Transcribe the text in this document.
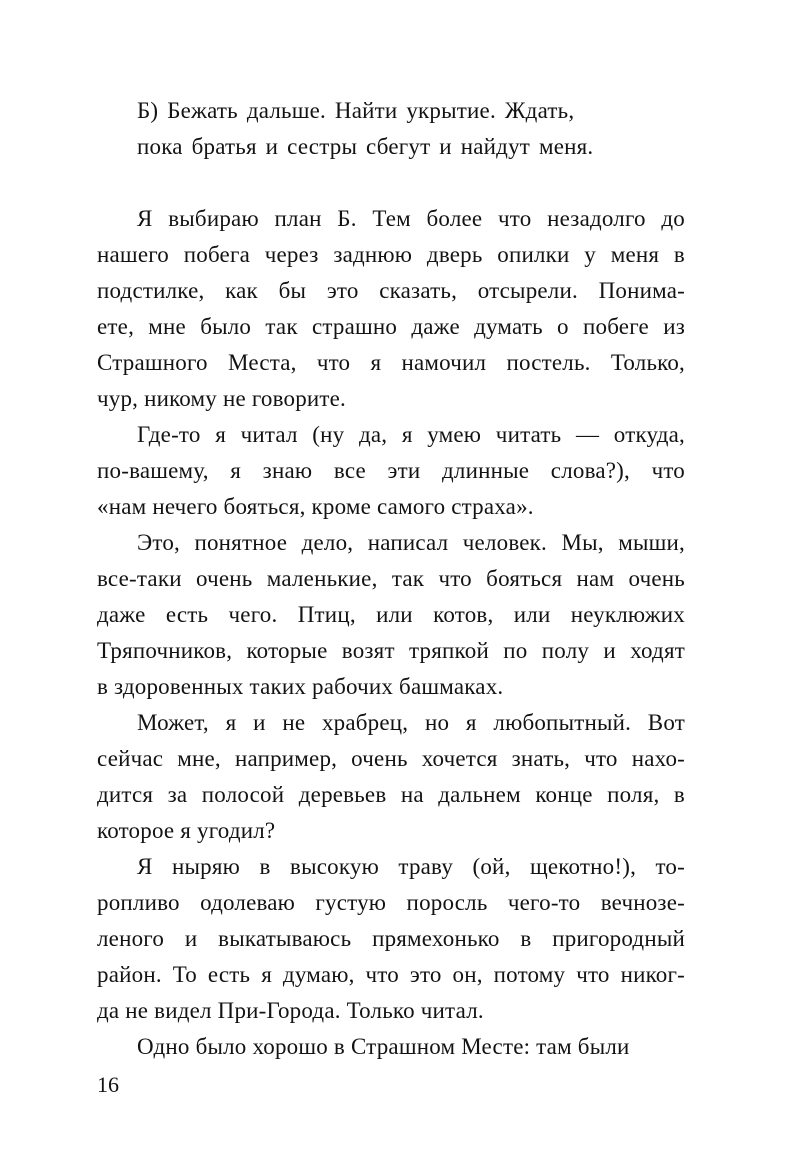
Б) Бежать дальше. Найти укрытие. Ждать,
пока братья и сестры сбегут и найдут меня.
Я выбираю план Б. Тем более что незадолго до
нашего побега через заднюю дверь опилки у меня в
подстилке, как бы это сказать, отсырели. Понима-
ете, мне было так страшно даже думать о побеге из
Страшного Места, что я намочил постель. Только,
чур, никому не говорите.
Где-то я читал (ну да, я умею читать — откуда,
по-вашему, я знаю все эти длинные слова?), что
«нам нечего бояться, кроме самого страха».
Это, понятное дело, написал человек. Мы, мыши,
все-таки очень маленькие, так что бояться нам очень
даже есть чего. Птиц, или котов, или неуклюжих
Тряпочников, которые возят тряпкой по полу и ходят
в здоровенных таких рабочих башмаках.
Может, я и не храбрец, но я любопытный. Вот
сейчас мне, например, очень хочется знать, что нахо-
дится за полосой деревьев на дальнем конце поля, в
которое я угодил?
Я ныряю в высокую траву (ой, щекотно!), то-
ропливо одолеваю густую поросль чего-то вечнозе-
леного и выкатываюсь прямехонько в пригородный
район. То есть я думаю, что это он, потому что никог-
да не видел При-Города. Только читал.
Одно было хорошо в Страшном Месте: там были
16
